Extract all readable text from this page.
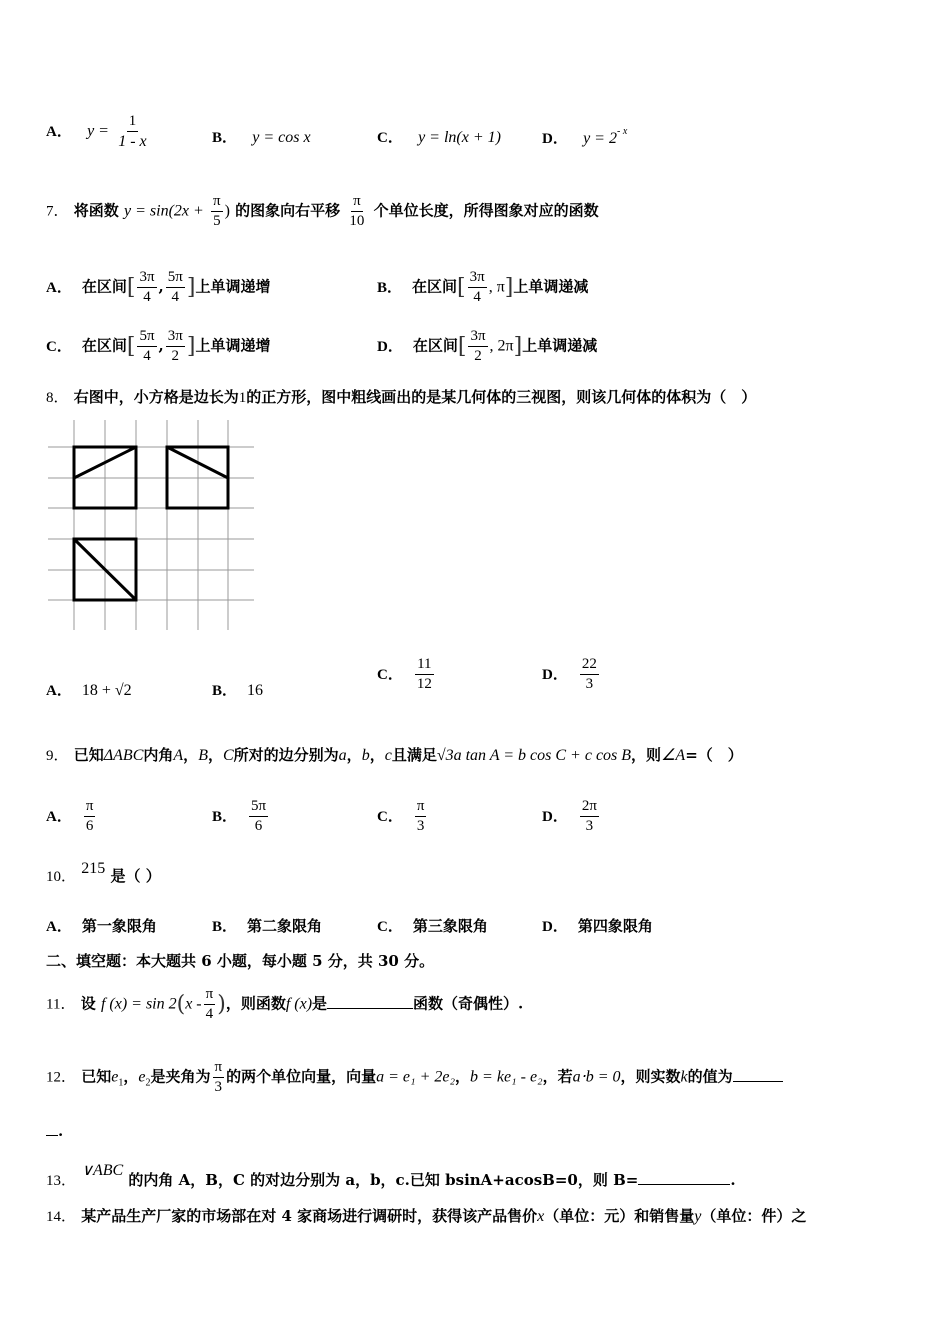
A． $y = \frac{1}{1 - x}$	B． y = cos x	C． y = ln(x + 1)	D． $y = 2^{- x}$
7． 将函数 $y = \sin(2x + \frac{\pi}{5}$ ) 的图象向右平移 $\frac{\pi}{10}$ 个单位长度，所得图象对应的函数
A． 在区间[ $\frac{3\pi}{4}$ , $\frac{5\pi}{4}$ ]上单调递增	B． 在区间[ $\frac{3\pi}{4}$ , π]上单调递减
C． 在区间[ $\frac{5\pi}{4}$ , $\frac{3\pi}{2}$ ]上单调递增	D． 在区间[ $\frac{3\pi}{2}$ , 2π]上单调递减
8． 右图中，小方格是边长为1的正方形，图中粗线画出的是某几何体的三视图，则该几何体的体积为（　）
A． 18 + √2	B． 16
C． $\frac{11}{12}$	D． $\frac{22}{3}$
9． 已知ΔABC内角A，B，C所对的边分别为a，b，c且满足√3a tan A = b cos C + c cos B，则∠A=（　）
A． $\frac{\pi}{6}$	B． $\frac{5\pi}{6}$	C． $\frac{\pi}{3}$	D． $\frac{2\pi}{3}$
10． 215 是（ ）
A． 第一象限角	B． 第二象限角	C． 第三象限角	D． 第四象限角
二、填空题：本大题共 6 小题，每小题 5 分，共 30 分。
11． 设 f $(x) = \sin 2(x - \frac{\pi}{4}$ )，则函数f (x)是	函数（奇偶性）.
12． 已知$e_1$，$e_2$是夹角为 $\frac{\pi}{3}$ 的两个单位向量，向量a = e₁ + 2e₂，b = ke₁ - e₂，若a⋅b = 0，则实数k的值为
.
13． ∨ABC 的内角 A，B，C 的对边分别为 a，b，c.已知 bsinA+acosB=0，则 B=	.
14． 某产品生产厂家的市场部在对 4 家商场进行调研时，获得该产品售价x（单位：元）和销售量y（单位：件）之
